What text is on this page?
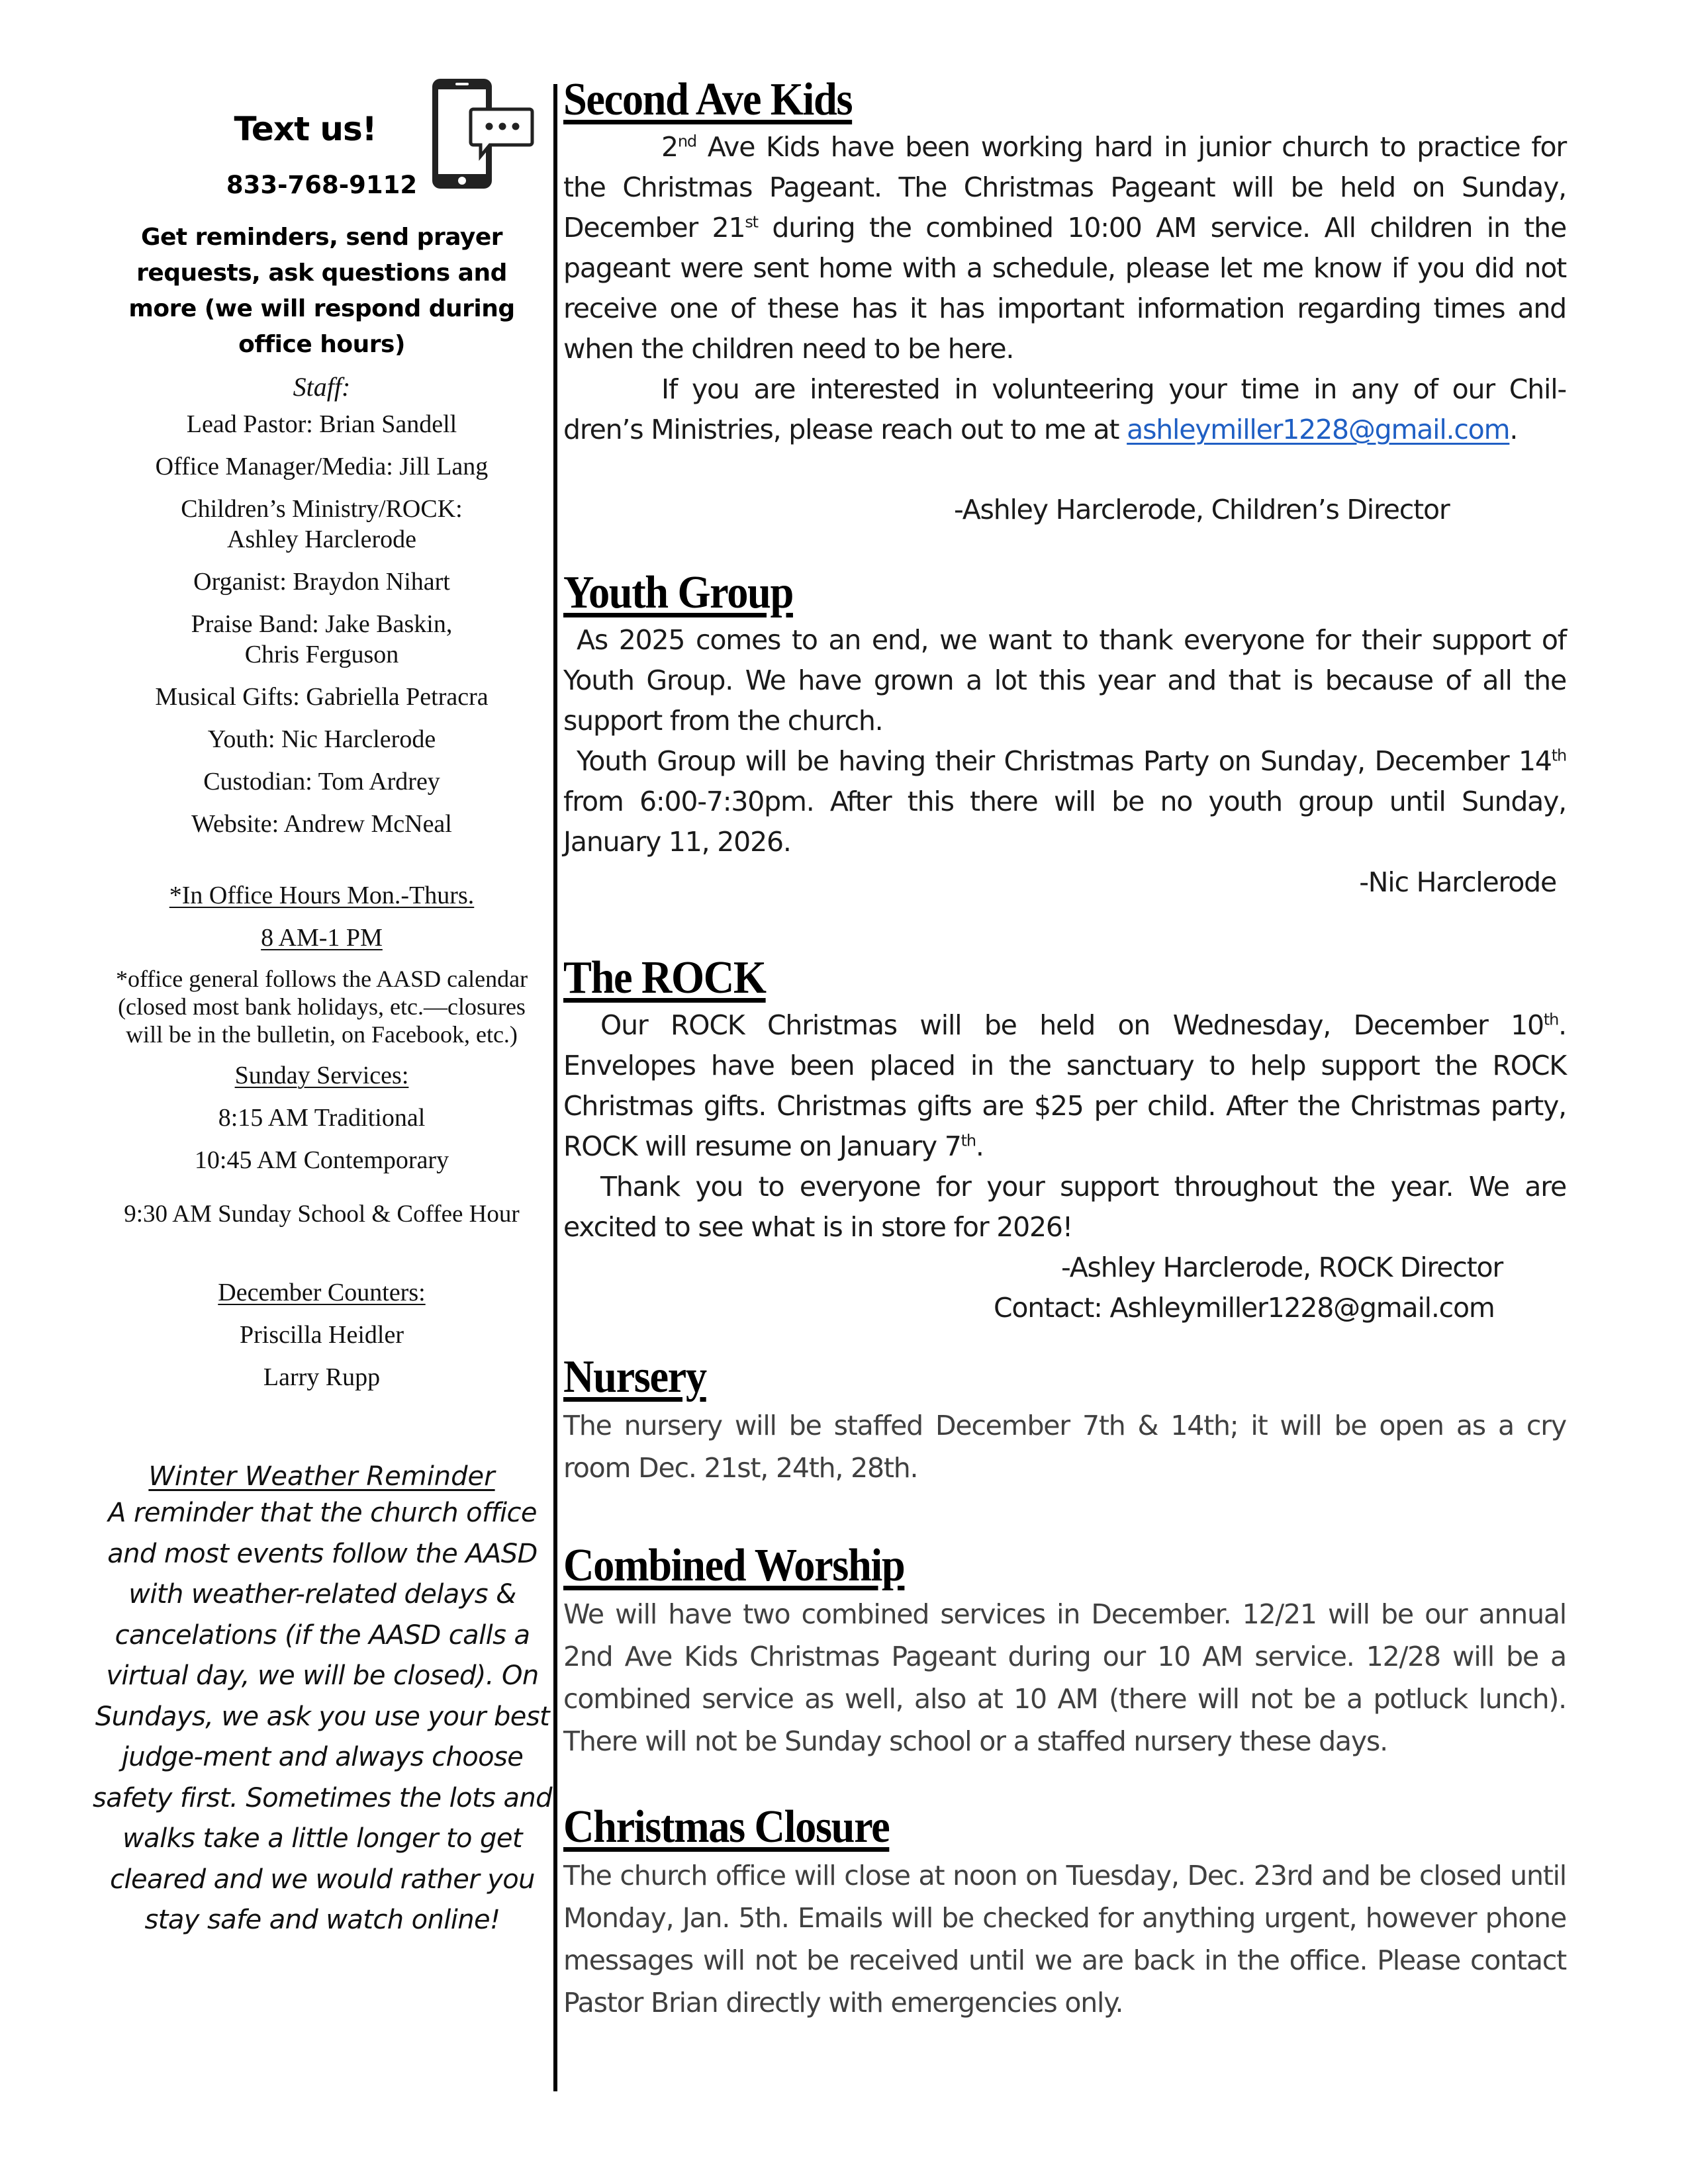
Text us!
833-768-9112
Get reminders, send prayer requests, ask questions and more (we will respond during office hours)
Staff:
Lead Pastor: Brian Sandell
Office Manager/Media: Jill Lang
Children’s Ministry/ROCK: Ashley Harclerode
Organist: Braydon Nihart
Praise Band: Jake Baskin, Chris Ferguson
Musical Gifts: Gabriella Petracra
Youth: Nic Harclerode
Custodian: Tom Ardrey
Website: Andrew McNeal
*In Office Hours Mon.-Thurs.
8 AM-1 PM
*office general follows the AASD calendar (closed most bank holidays, etc.—closures will be in the bulletin, on Facebook, etc.)
Sunday Services:
8:15 AM Traditional
10:45 AM Contemporary
9:30 AM Sunday School & Coffee Hour
December Counters:
Priscilla Heidler
Larry Rupp
Winter Weather Reminder
A reminder that the church office and most events follow the AASD with weather-related delays & cancelations (if the AASD calls a virtual day, we will be closed). On Sundays, we ask you use your best judge-ment and always choose safety first. Sometimes the lots and walks take a little longer to get cleared and we would rather you stay safe and watch online!
Second Ave Kids

2nd Ave Kids have been working hard in junior church to practice for the Christmas Pageant. The Christmas Pageant will be held on Sunday, December 21st during the combined 10:00 AM service. All children in the pageant were sent home with a schedule, please let me know if you did not receive one of these has it has important information regarding times and when the children need to be here.

If you are interested in volunteering your time in any of our Chil-dren’s Ministries, please reach out to me at ashleymiller1228@gmail.com.

-Ashley Harclerode, Children’s Director
Youth Group

As 2025 comes to an end, we want to thank everyone for their support of Youth Group. We have grown a lot this year and that is because of all the support from the church.

Youth Group will be having their Christmas Party on Sunday, December 14th from 6:00-7:30pm. After this there will be no youth group until Sunday, January 11, 2026.

-Nic Harclerode
The ROCK

Our ROCK Christmas will be held on Wednesday, December 10th. Envelopes have been placed in the sanctuary to help support the ROCK Christmas gifts. Christmas gifts are $25 per child. After the Christmas party, ROCK will resume on January 7th.

Thank you to everyone for your support throughout the year. We are excited to see what is in store for 2026!

-Ashley Harclerode, ROCK Director
Contact: Ashleymiller1228@gmail.com
Nursery

The nursery will be staffed December 7th & 14th; it will be open as a cry room Dec. 21st, 24th, 28th.

Combined Worship

We will have two combined services in December. 12/21 will be our annual 2nd Ave Kids Christmas Pageant during our 10 AM service. 12/28 will be a combined service as well, also at 10 AM (there will not be a potluck lunch). There will not be Sunday school or a staffed nursery these days.

Christmas Closure

The church office will close at noon on Tuesday, Dec. 23rd and be closed until Monday, Jan. 5th. Emails will be checked for anything urgent, however phone messages will not be received until we are back in the office. Please contact Pastor Brian directly with emergencies only.
